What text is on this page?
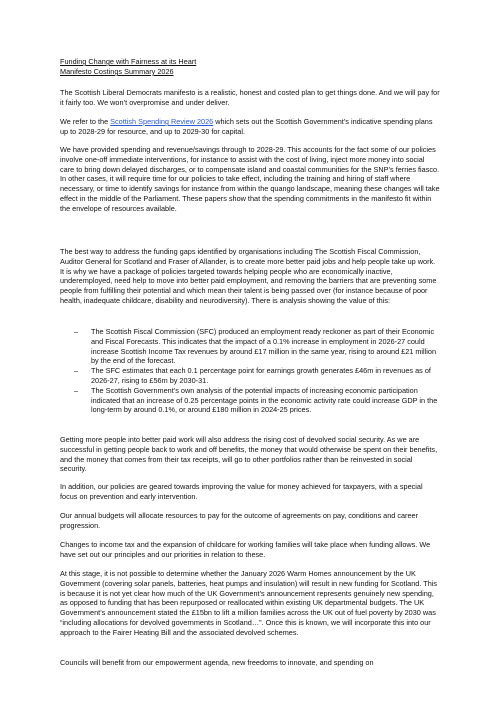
Funding Change with Fairness at its Heart
Manifesto Costings Summary 2026

The Scottish Liberal Democrats manifesto is a realistic, honest and costed plan to get things done. And we will pay for it fairly too. We won’t overpromise and under deliver.

We refer to the Scottish Spending Review 2026 which sets out the Scottish Government’s indicative spending plans up to 2028-29 for resource, and up to 2029-30 for capital.

We have provided spending and revenue/savings through to 2028-29. This accounts for the fact some of our policies involve one-off immediate interventions, for instance to assist with the cost of living, inject more money into social care to bring down delayed discharges, or to compensate island and coastal communities for the SNP’s ferries fiasco. In other cases, it will require time for our policies to take effect, including the training and hiring of staff where necessary, or time to identify savings for instance from within the quango landscape, meaning these changes will take effect in the middle of the Parliament. These papers show that the spending commitments in the manifesto fit within the envelope of resources available.

The best way to address the funding gaps identified by organisations including The Scottish Fiscal Commission, Auditor General for Scotland and Fraser of Allander, is to create more better paid jobs and help people take up work. It is why we have a package of policies targeted towards helping people who are economically inactive, underemployed, need help to move into better paid employment, and removing the barriers that are preventing some people from fulfilling their potential and which mean their talent is being passed over (for instance because of poor health, inadequate childcare, disability and neurodiversity). There is analysis showing the value of this:

– The Scottish Fiscal Commission (SFC) produced an employment ready reckoner as part of their Economic and Fiscal Forecasts. This indicates that the impact of a 0.1% increase in employment in 2026-27 could increase Scottish Income Tax revenues by around £17 million in the same year, rising to around £21 million by the end of the forecast.
– The SFC estimates that each 0.1 percentage point for earnings growth generates £46m in revenues as of 2026-27, rising to £56m by 2030-31.
– The Scottish Government’s own analysis of the potential impacts of increasing economic participation indicated that an increase of 0.25 percentage points in the economic activity rate could increase GDP in the long-term by around 0.1%, or around £180 million in 2024-25 prices.

Getting more people into better paid work will also address the rising cost of devolved social security. As we are successful in getting people back to work and off benefits, the money that would otherwise be spent on their benefits, and the money that comes from their tax receipts, will go to other portfolios rather than be reinvested in social security.

In addition, our policies are geared towards improving the value for money achieved for taxpayers, with a special focus on prevention and early intervention.

Our annual budgets will allocate resources to pay for the outcome of agreements on pay, conditions and career progression.

Changes to income tax and the expansion of childcare for working families will take place when funding allows. We have set out our principles and our priorities in relation to these.

At this stage, it is not possible to determine whether the January 2026 Warm Homes announcement by the UK Government (covering solar panels, batteries, heat pumps and insulation) will result in new funding for Scotland. This is because it is not yet clear how much of the UK Government’s announcement represents genuinely new spending, as opposed to funding that has been repurposed or reallocated within existing UK departmental budgets. The UK Government’s announcement stated the £15bn to lift a million families across the UK out of fuel poverty by 2030 was “including allocations for devolved governments in Scotland…”. Once this is known, we will incorporate this into our approach to the Fairer Heating Bill and the associated devolved schemes.

Councils will benefit from our empowerment agenda, new freedoms to innovate, and spending on
